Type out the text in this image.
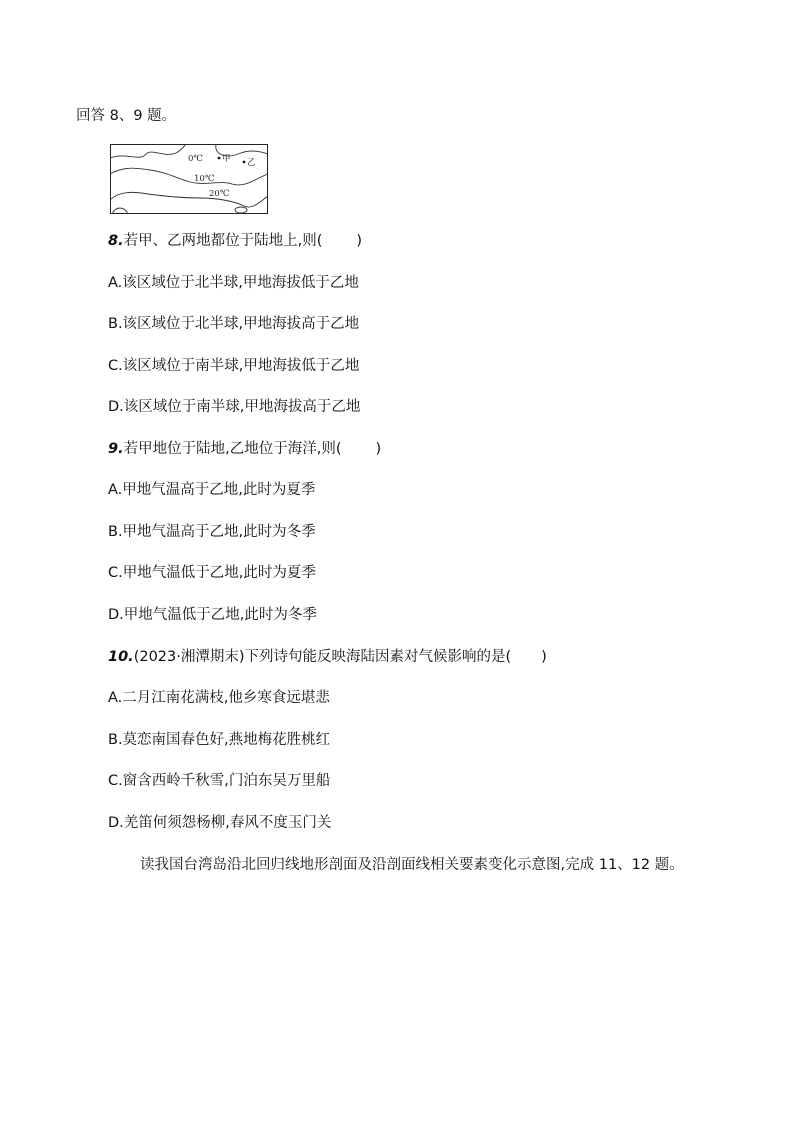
回答 8、9 题。
0℃
10℃
20℃
甲 乙
8.若甲、乙两地都位于陆地上,则( )
A.该区域位于北半球,甲地海拔低于乙地
B.该区域位于北半球,甲地海拔高于乙地
C.该区域位于南半球,甲地海拔低于乙地
D.该区域位于南半球,甲地海拔高于乙地
9.若甲地位于陆地,乙地位于海洋,则( )
A.甲地气温高于乙地,此时为夏季
B.甲地气温高于乙地,此时为冬季
C.甲地气温低于乙地,此时为夏季
D.甲地气温低于乙地,此时为冬季
10.(2023·湘潭期末)下列诗句能反映海陆因素对气候影响的是( )
A.二月江南花满枝,他乡寒食远堪悲
B.莫恋南国春色好,燕地梅花胜桃红
C.窗含西岭千秋雪,门泊东吴万里船
D.羌笛何须怨杨柳,春风不度玉门关
读我国台湾岛沿北回归线地形剖面及沿剖面线相关要素变化示意图,完成 11、12 题。
